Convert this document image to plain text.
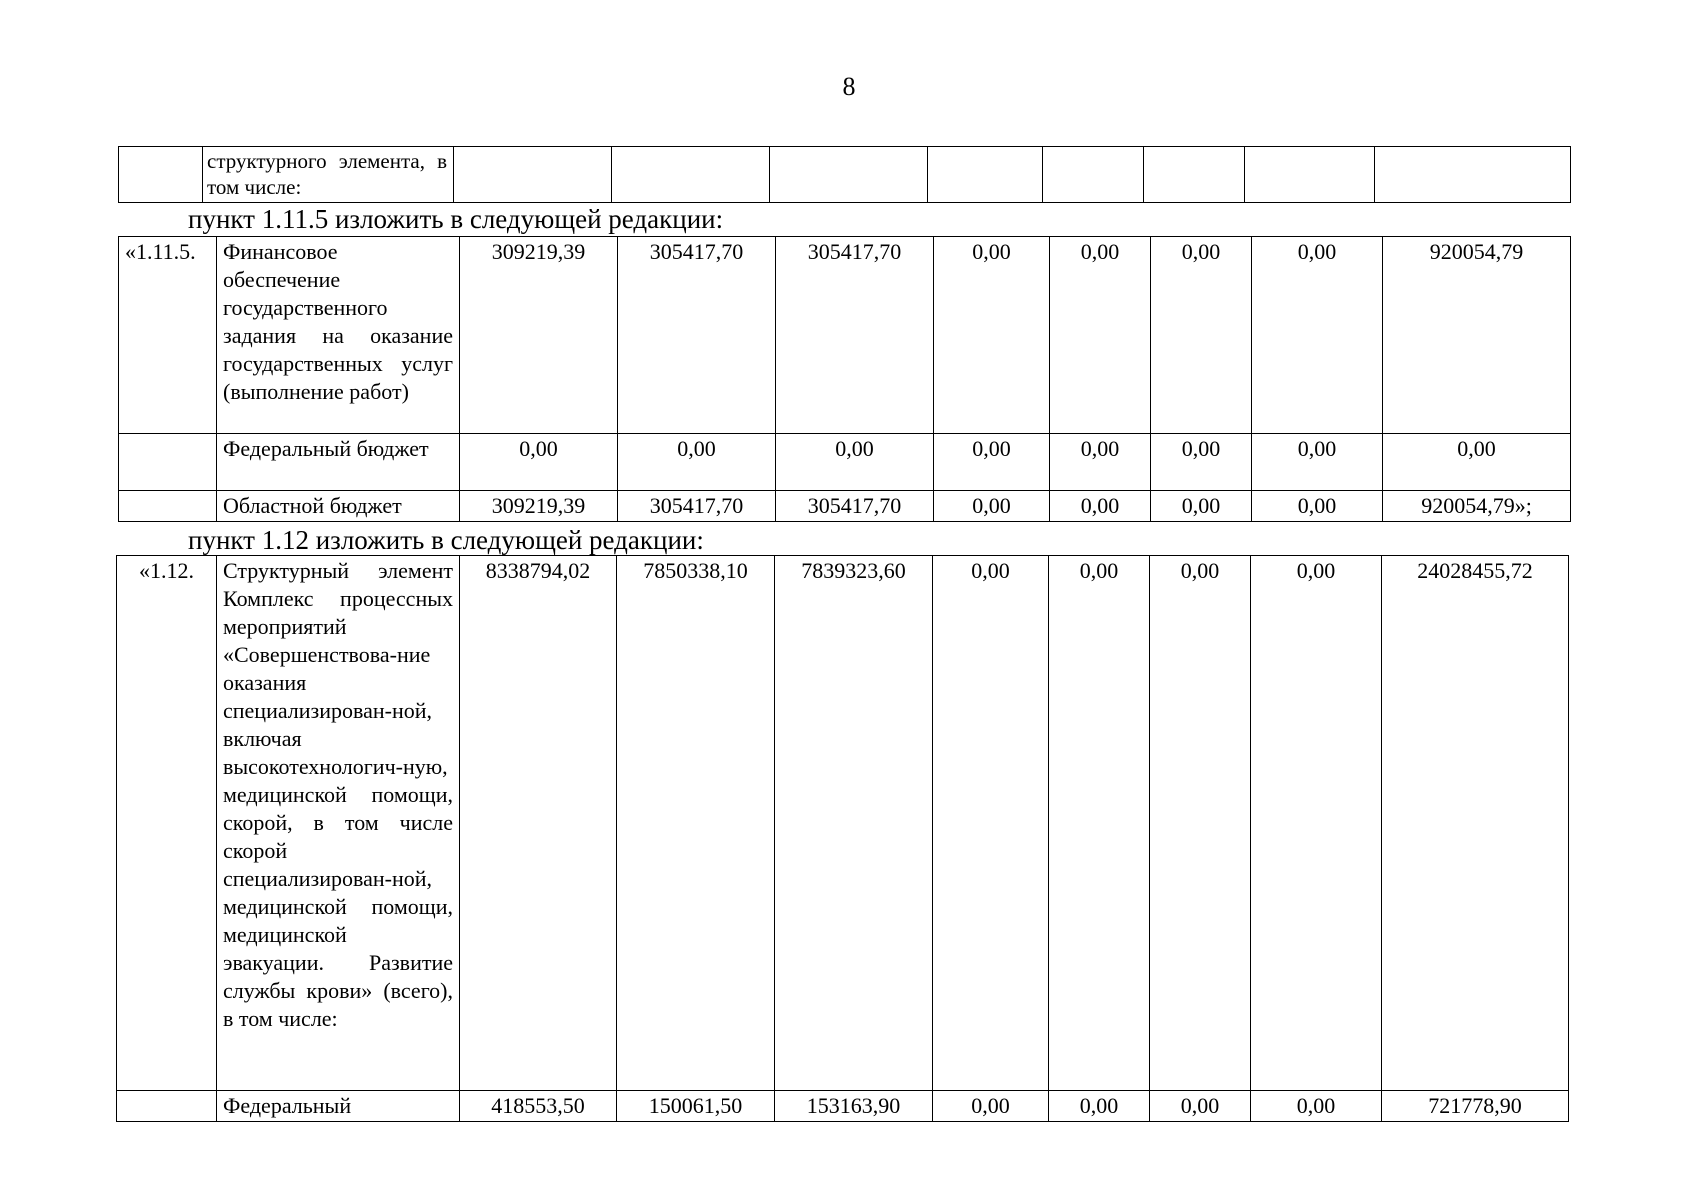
8
	структурного элемента, в том числе:								
пункт 1.11.5 изложить в следующей редакции:
«1.11.5.	Финансовое обеспечение государственного задания на оказание государственных услуг (выполнение работ)	309219,39	305417,70	305417,70	0,00	0,00	0,00	0,00	920054,79
	Федеральный бюджет	0,00	0,00	0,00	0,00	0,00	0,00	0,00	0,00
	Областной бюджет	309219,39	305417,70	305417,70	0,00	0,00	0,00	0,00	920054,79»;
пункт 1.12 изложить в следующей редакции:
«1.12.	Структурный элемент Комплекс процессных мероприятий «Совершенствова-ние оказания специализирован-ной, включая высокотехнологич-ную, медицинской помощи, скорой, в том числе скорой специализирован-ной, медицинской помощи, медицинской эвакуации. Развитие службы крови» (всего), в том числе:	8338794,02	7850338,10	7839323,60	0,00	0,00	0,00	0,00	24028455,72
	Федеральный	418553,50	150061,50	153163,90	0,00	0,00	0,00	0,00	721778,90
